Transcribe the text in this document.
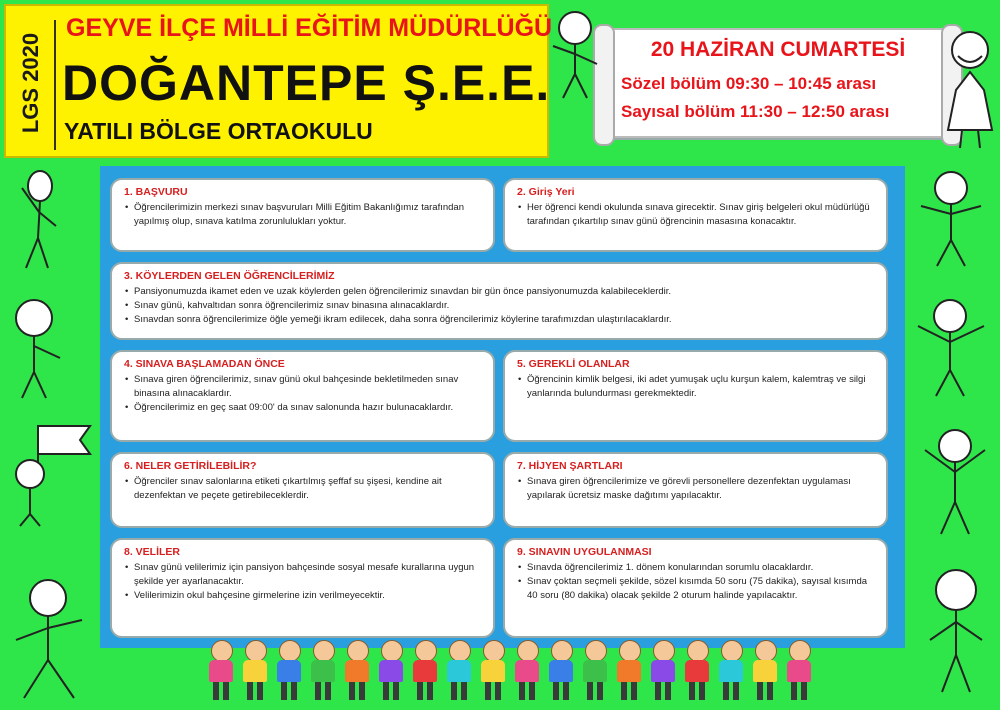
LGS 2020
GEYVE İLÇE MİLLİ EĞİTİM MÜDÜRLÜĞÜ
DOĞANTEPE Ş.E.E.
YATILI BÖLGE ORTAOKULU
20 HAZİRAN CUMARTESİ
Sözel bölüm 09:30 – 10:45 arası
Sayısal bölüm 11:30 – 12:50 arası
1. BAŞVURU
• Öğrencilerimizin merkezi sınav başvuruları Milli Eğitim Bakanlığımız tarafından yapılmış olup, sınava katılma zorunlulukları yoktur.
2. Giriş Yeri
• Her öğrenci kendi okulunda sınava girecektir. Sınav giriş belgeleri okul müdürlüğü tarafından çıkartılıp sınav günü öğrencinin masasına konacaktır.
3. KÖYLERDEN GELEN ÖĞRENCİLERİMİZ
• Pansiyonumuzda ikamet eden ve uzak köylerden gelen öğrencilerimiz sınavdan bir gün önce pansiyonumuzda kalabileceklerdir.
• Sınav günü, kahvaltıdan sonra öğrencilerimiz sınav binasına alınacaklardır.
• Sınavdan sonra öğrencilerimize öğle yemeği ikram edilecek, daha sonra öğrencilerimiz köylerine tarafımızdan ulaştırılacaklardır.
4. SINAVA BAŞLAMADAN ÖNCE
• Sınava giren öğrencilerimiz, sınav günü okul bahçesinde bekletilmeden sınav binasına alınacaklardır.
• Öğrencilerimiz en geç saat 09:00' da sınav salonunda hazır bulunacaklardır.
5. GEREKLİ OLANLAR
• Öğrencinin kimlik belgesi, iki adet yumuşak uçlu kurşun kalem, kalemtraş ve silgi yanlarında bulundurması gerekmektedir.
6. NELER GETİRİLEBİLİR?
• Öğrenciler sınav salonlarına etiketi çıkartılmış şeffaf su şişesi, kendine ait dezenfektan ve peçete getirebileceklerdir.
7. HİJYEN ŞARTLARI
• Sınava giren öğrencilerimize ve görevli personellere dezenfektan uygulaması yapılarak ücretsiz maske dağıtımı yapılacaktır.
8. VELİLER
• Sınav günü velilerimiz için pansiyon bahçesinde sosyal mesafe kurallarına uygun şekilde yer ayarlanacaktır.
• Velilerimizin okul bahçesine girmelerine izin verilmeyecektir.
9. SINAVIN UYGULANMASI
• Sınavda öğrencilerimiz 1. dönem konularından sorumlu olacaklardır.
• Sınav çoktan seçmeli şekilde, sözel kısımda 50 soru (75 dakika), sayısal kısımda 40 soru (80 dakika) olacak şekilde 2 oturum halinde yapılacaktır.
